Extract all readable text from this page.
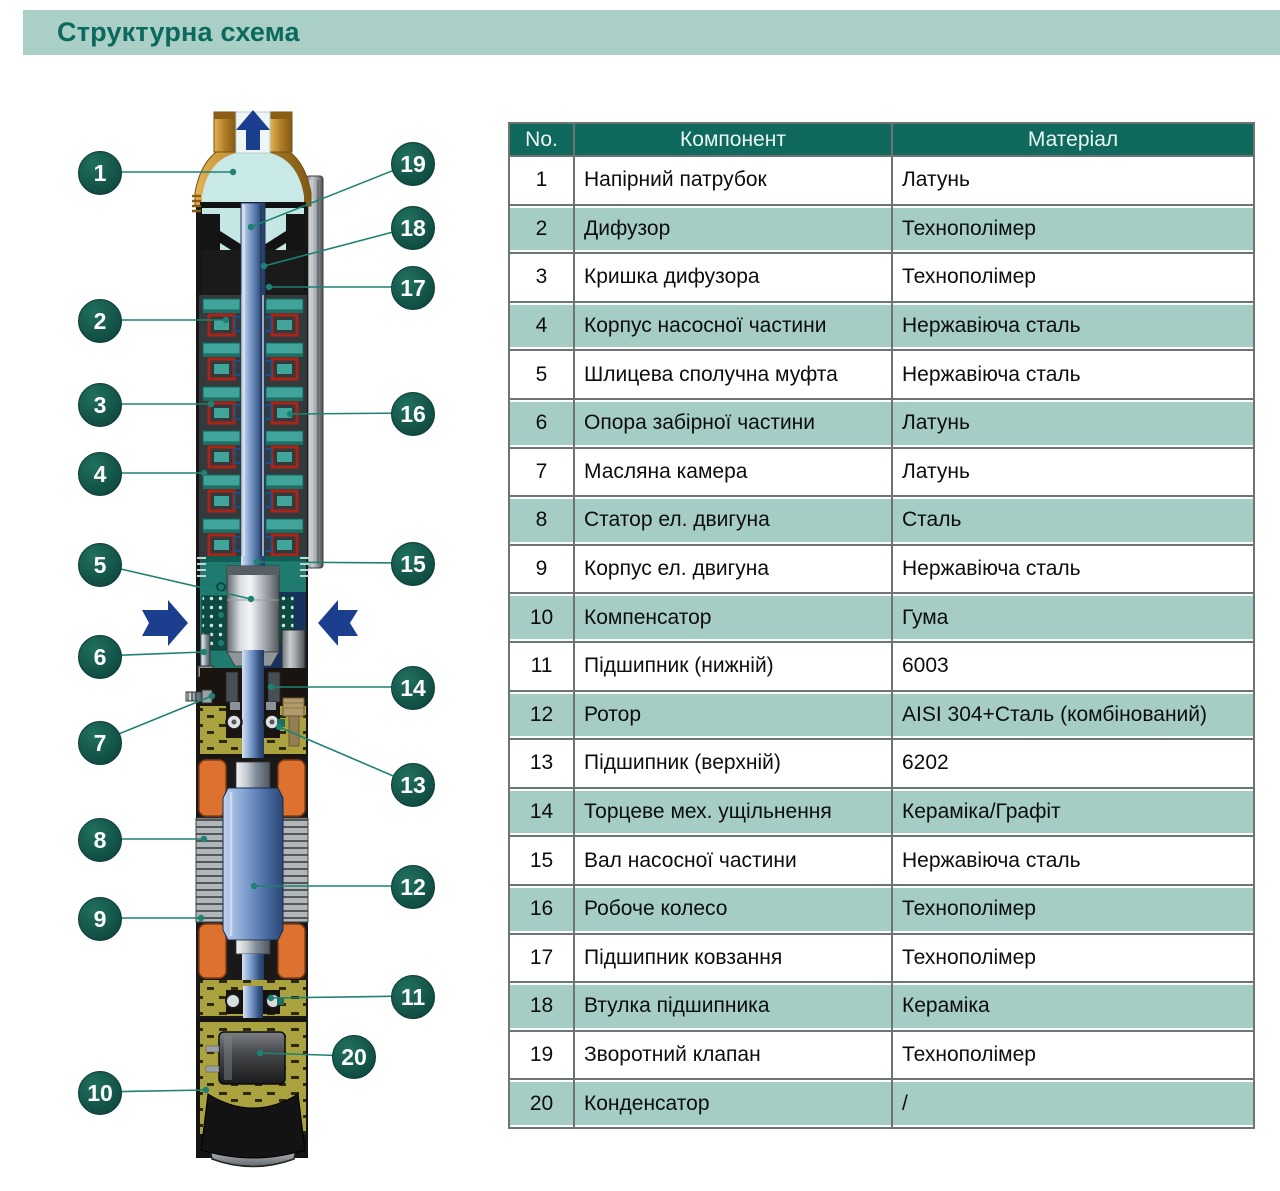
Структурна схема
1
2
3
4
5
6
7
8
9
10
11
12
13
14
15
16
17
18
19
20
No.	Компонент	Матеріал
1	Напірний патрубок	Латунь
2	Дифузор	Технополімер
3	Кришка дифузора	Технополімер
4	Корпус насосної частини	Нержавіюча сталь
5	Шлицева сполучна муфта	Нержавіюча сталь
6	Опора забірної частини	Латунь
7	Масляна камера	Латунь
8	Статор ел. двигуна	Сталь
9	Корпус ел. двигуна	Нержавіюча сталь
10	Компенсатор	Гума
11	Підшипник (нижній)	6003
12	Ротор	AISI 304+Сталь (комбінований)
13	Підшипник (верхній)	6202
14	Торцеве мех. ущільнення	Кераміка/Графіт
15	Вал насосної частини	Нержавіюча сталь
16	Робоче колесо	Технополімер
17	Підшипник ковзання	Технополімер
18	Втулка підшипника	Кераміка
19	Зворотний клапан	Технополімер
20	Конденсатор	/
